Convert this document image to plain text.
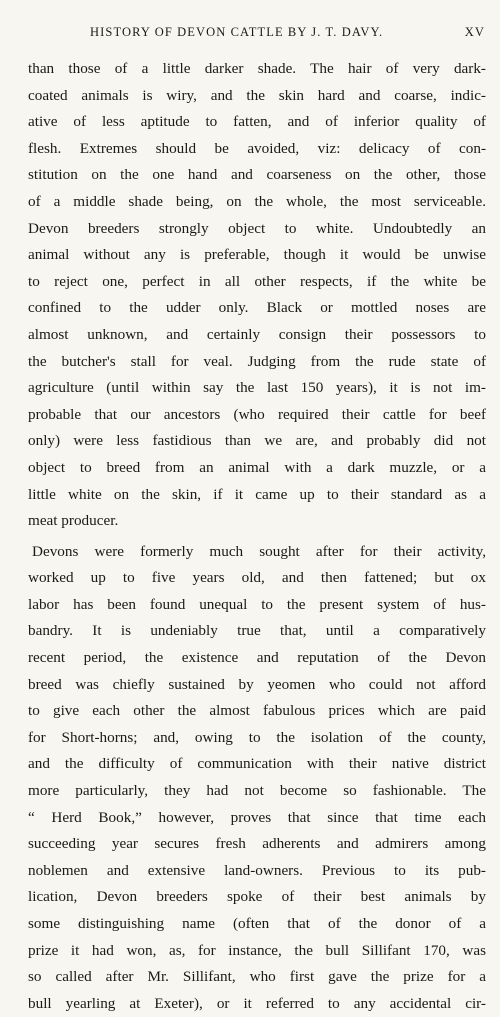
HISTORY OF DEVON CATTLE BY J. T. DAVY.	XV
than those of a little darker shade. The hair of very dark-
coated animals is wiry, and the skin hard and coarse, indic-
ative of less aptitude to fatten, and of inferior quality of
flesh. Extremes should be avoided, viz: delicacy of con-
stitution on the one hand and coarseness on the other, those
of a middle shade being, on the whole, the most serviceable.
Devon breeders strongly object to white. Undoubtedly an
animal without any is preferable, though it would be unwise
to reject one, perfect in all other respects, if the white be
confined to the udder only. Black or mottled noses are
almost unknown, and certainly consign their possessors to
the butcher's stall for veal. Judging from the rude state of
agriculture (until within say the last 150 years), it is not im-
probable that our ancestors (who required their cattle for beef
only) were less fastidious than we are, and probably did not
object to breed from an animal with a dark muzzle, or a
little white on the skin, if it came up to their standard as a
meat producer.
Devons were formerly much sought after for their activity,
worked up to five years old, and then fattened; but ox
labor has been found unequal to the present system of hus-
bandry. It is undeniably true that, until a comparatively
recent period, the existence and reputation of the Devon
breed was chiefly sustained by yeomen who could not afford
to give each other the almost fabulous prices which are paid
for Short-horns; and, owing to the isolation of the county,
and the difficulty of communication with their native district
more particularly, they had not become so fashionable. The
“ Herd Book,” however, proves that since that time each
succeeding year secures fresh adherents and admirers among
noblemen and extensive land-owners. Previous to its pub-
lication, Devon breeders spoke of their best animals by
some distinguishing name (often that of the donor of a
prize it had won, as, for instance, the bull Sillifant 170, was
so called after Mr. Sillifant, who first gave the prize for a
bull yearling at Exeter), or it referred to any accidental cir-
